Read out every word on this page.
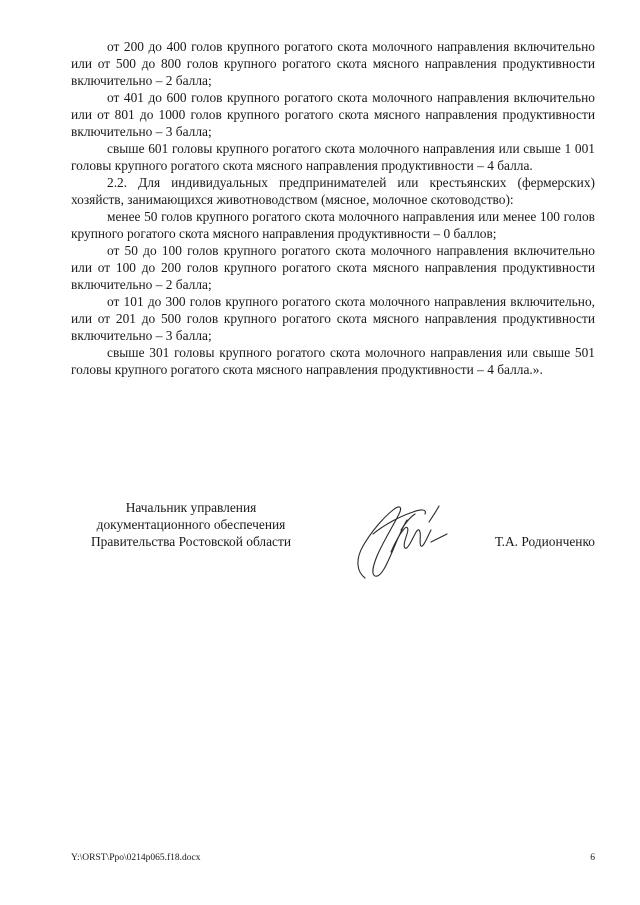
от 200 до 400 голов крупного рогатого скота молочного направления включительно или от 500 до 800 голов крупного рогатого скота мясного направления продуктивности включительно – 2 балла;

от 401 до 600 голов крупного рогатого скота молочного направления включительно или от 801 до 1000 голов крупного рогатого скота мясного направления продуктивности включительно – 3 балла;

свыше 601 головы крупного рогатого скота молочного направления или свыше 1 001 головы крупного рогатого скота мясного направления продуктивности – 4 балла.

2.2. Для индивидуальных предпринимателей или крестьянских (фермерских) хозяйств, занимающихся животноводством (мясное, молочное скотоводство):

менее 50 голов крупного рогатого скота молочного направления или менее 100 голов крупного рогатого скота мясного направления продуктивности – 0 баллов;

от 50 до 100 голов крупного рогатого скота молочного направления включительно или от 100 до 200 голов крупного рогатого скота мясного направления продуктивности включительно – 2 балла;

от 101 до 300 голов крупного рогатого скота молочного направления включительно, или от 201 до 500 голов крупного рогатого скота мясного направления продуктивности включительно – 3 балла;

свыше 301 головы крупного рогатого скота молочного направления или свыше 501 головы крупного рогатого скота мясного направления продуктивности – 4 балла.».

Начальник управления
документационного обеспечения
Правительства Ростовской области	Т.А. Родионченко
Y:\ORST\Ppo\0214p065.f18.docx	6
